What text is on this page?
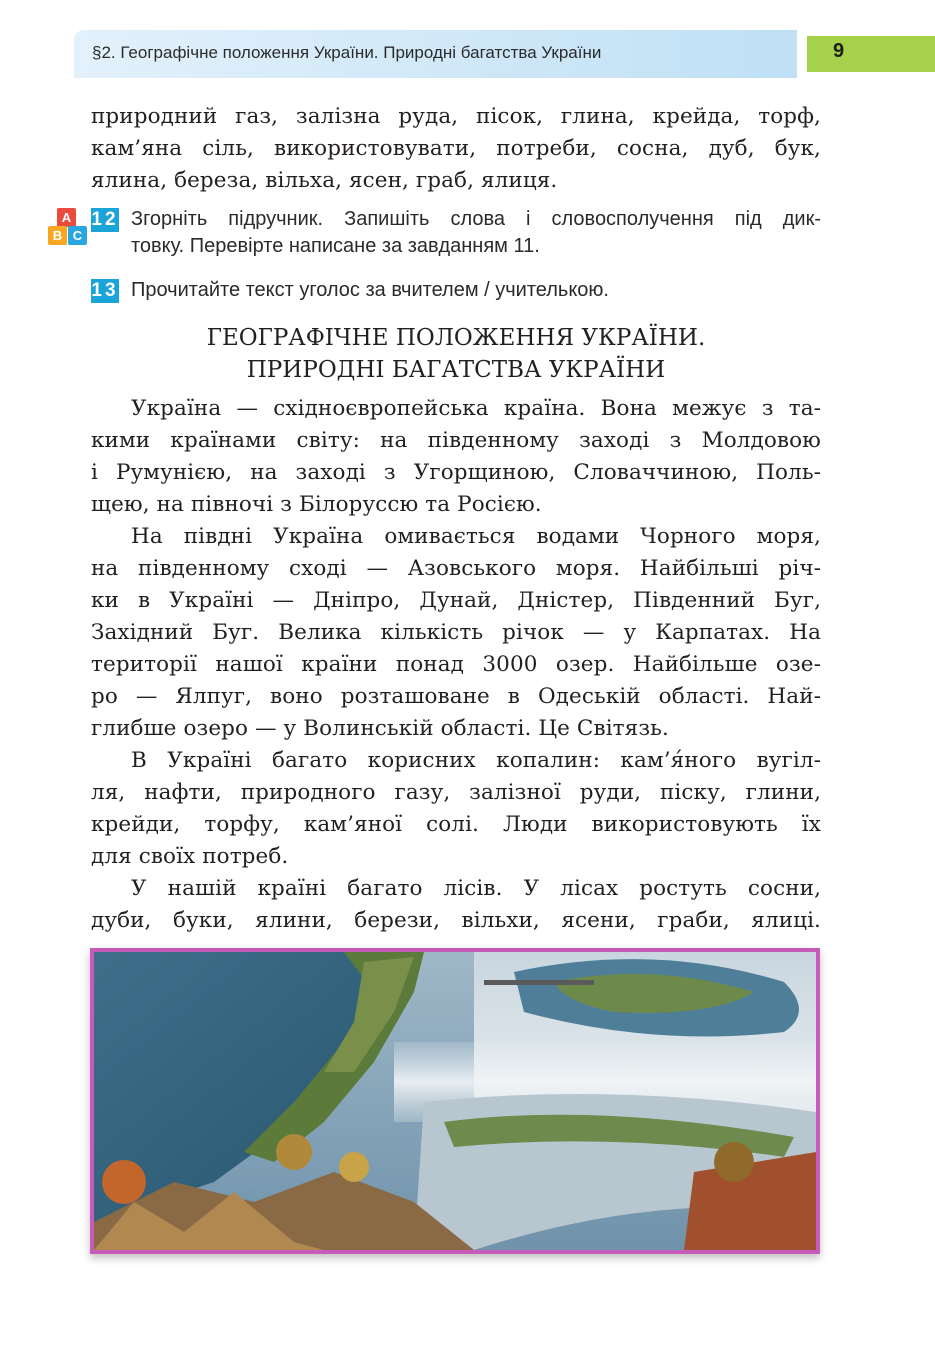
§2. Географічне положення України. Природні багатства України	9
природний газ, залізна руда, пісок, глина, крейда, торф,
кам’яна сіль, використовувати, потреби, сосна, дуб, бук,
ялина, береза, вільха, ясен, граб, ялиця.
A
B C
12 Згорніть підручник. Запишіть слова і словосполучення під дик-
товку. Перевірте написане за завданням 11.
13 Прочитайте текст уголос за вчителем / учителькою.
ГЕОГРАФІЧНЕ ПОЛОЖЕННЯ УКРАЇНИ.
ПРИРОДНІ БАГАТСТВА УКРАЇНИ
Україна — східноєвропейська країна. Вона межує з та-
кими країнами світу: на південному заході з Молдовою
і Румунією, на заході з Угорщиною, Словаччиною, Поль-
щею, на півночі з Білоруссю та Росією.
На півдні Україна омивається водами Чорного моря,
на південному сході — Азовського моря. Найбільші річ-
ки в Україні — Дніпро, Дунай, Дністер, Південний Буг,
Західний Буг. Велика кількість річок — у Карпатах. На
території нашої країни понад 3000 озер. Найбільше озе-
ро — Ялпуг, воно розташоване в Одеській області. Най-
глибше озеро — у Волинській області. Це Світязь.
В Україні багато корисних копалин: кам’я́ного вугіл-
ля, нафти, природного газу, залізної руди, піску, глини,
крейди, торфу, кам’яної солі. Люди використовують їх
для своїх потреб.
У нашій країні багато лісів. У лісах ростуть сосни,
дуби, буки, ялини, берези, вільхи, ясени, граби, ялиці.
